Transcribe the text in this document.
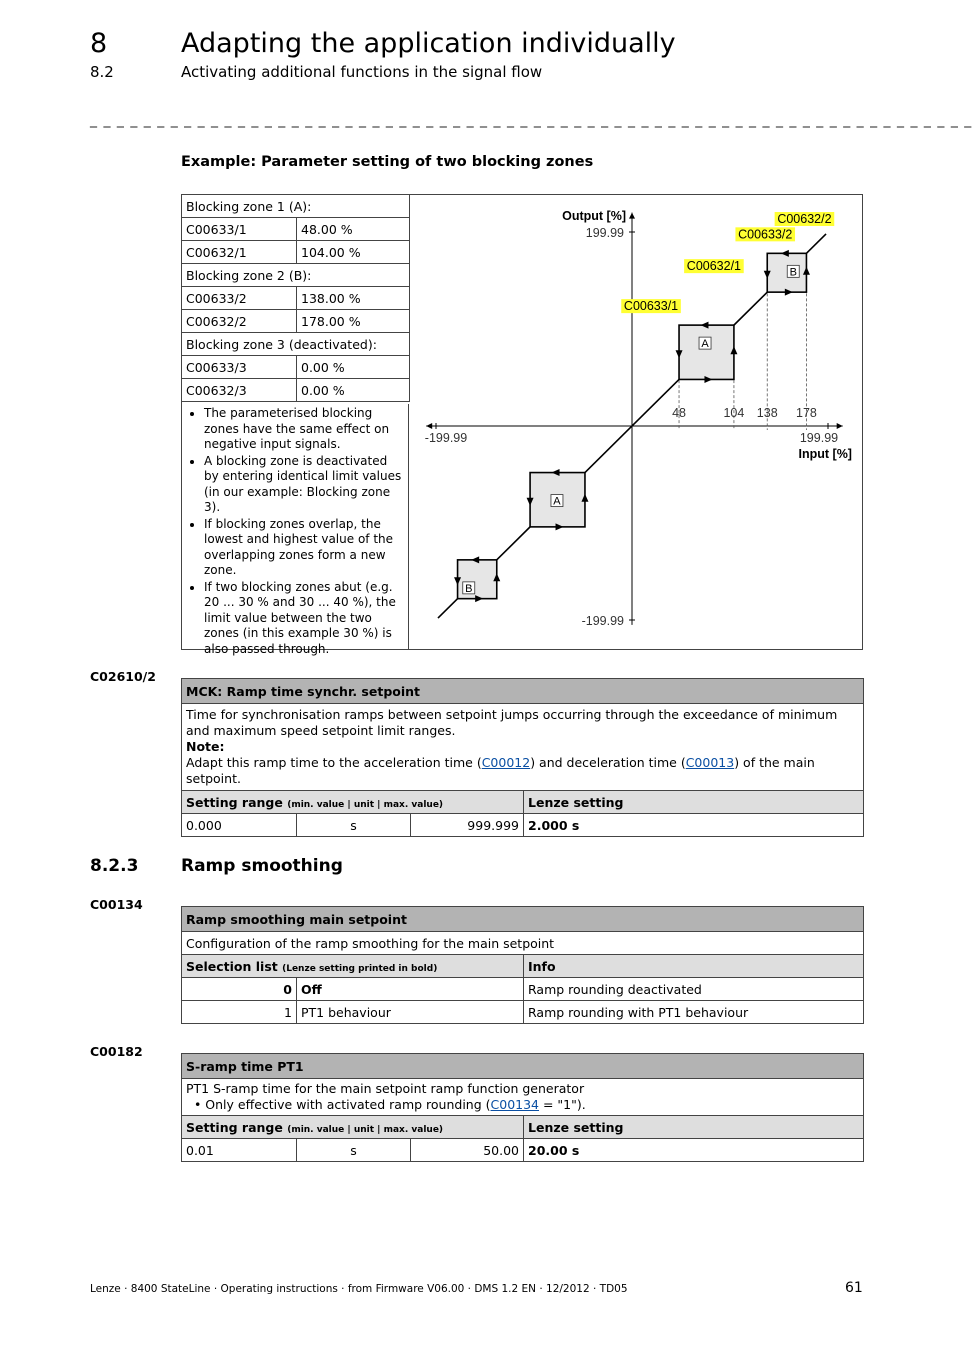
8	Adapting the application individually
8.2	Activating additional functions in the signal flow
_ _ _ _ _ _ _ _ _ _ _ _ _ _ _ _ _ _ _ _ _ _ _ _ _ _ _ _ _ _ _ _ _ _ _ _ _ _ _ _ _ _ _ _ _ _ _ _ _ _ _ _ _ _ _ _ _ _ _ _ _ _ _ _ _ _
Example: Parameter setting of two blocking zones
Blocking zone 1 (A):	
C00633/1	48.00 %
C00632/1	104.00 %
Blocking zone 2 (B):	
C00633/2	138.00 %
C00632/2	178.00 %
Blocking zone 3 (deactivated):	
C00633/3	0.00 %
C00632/3	0.00 %
• The parameterised blocking zones have the same effect on negative input signals.
• A blocking zone is deactivated by entering identical limit values (in our example: Blocking zone 3).
• If blocking zones overlap, the lowest and highest value of the overlapping zones form a new zone.
• If two blocking zones abut (e.g. 20 ... 30 % and 30 ... 40 %), the limit value between the two zones (in this example 30 %) is also passed through.
48	104 138 178
-199.99	199.99
199.99
-199.99
Output [%]
Input [%]
A
B
A
B
C00633/1
C00632/1
C00633/2
C00632/2
C02610/2
MCK: Ramp time synchr. setpoint			

Time for synchronisation ramps between setpoint jumps occurring through the exceedance of minimum and maximum speed setpoint limit ranges.
Note:
Adapt this ramp time to the acceleration time (C00012) and deceleration time (C00013) of the main setpoint.			

Setting range (min. value | unit | max. value)			Lenze setting
0.000	s	999.999	2.000 s
8.2.3	Ramp smoothing
C00134
Ramp smoothing main setpoint		
Configuration of the ramp smoothing for the main setpoint		
Selection list (Lenze setting printed in bold)		Info
0	Off	Ramp rounding deactivated
1	PT1 behaviour	Ramp rounding with PT1 behaviour
C00182
S-ramp time PT1			

PT1 S-ramp time for the main setpoint ramp function generator
• Only effective with activated ramp rounding (C00134 = "1").			

Setting range (min. value | unit | max. value)			Lenze setting
0.01	s	50.00	20.00 s
Lenze · 8400 StateLine · Operating instructions · from Firmware V06.00 · DMS 1.2 EN · 12/2012 · TD05	61
